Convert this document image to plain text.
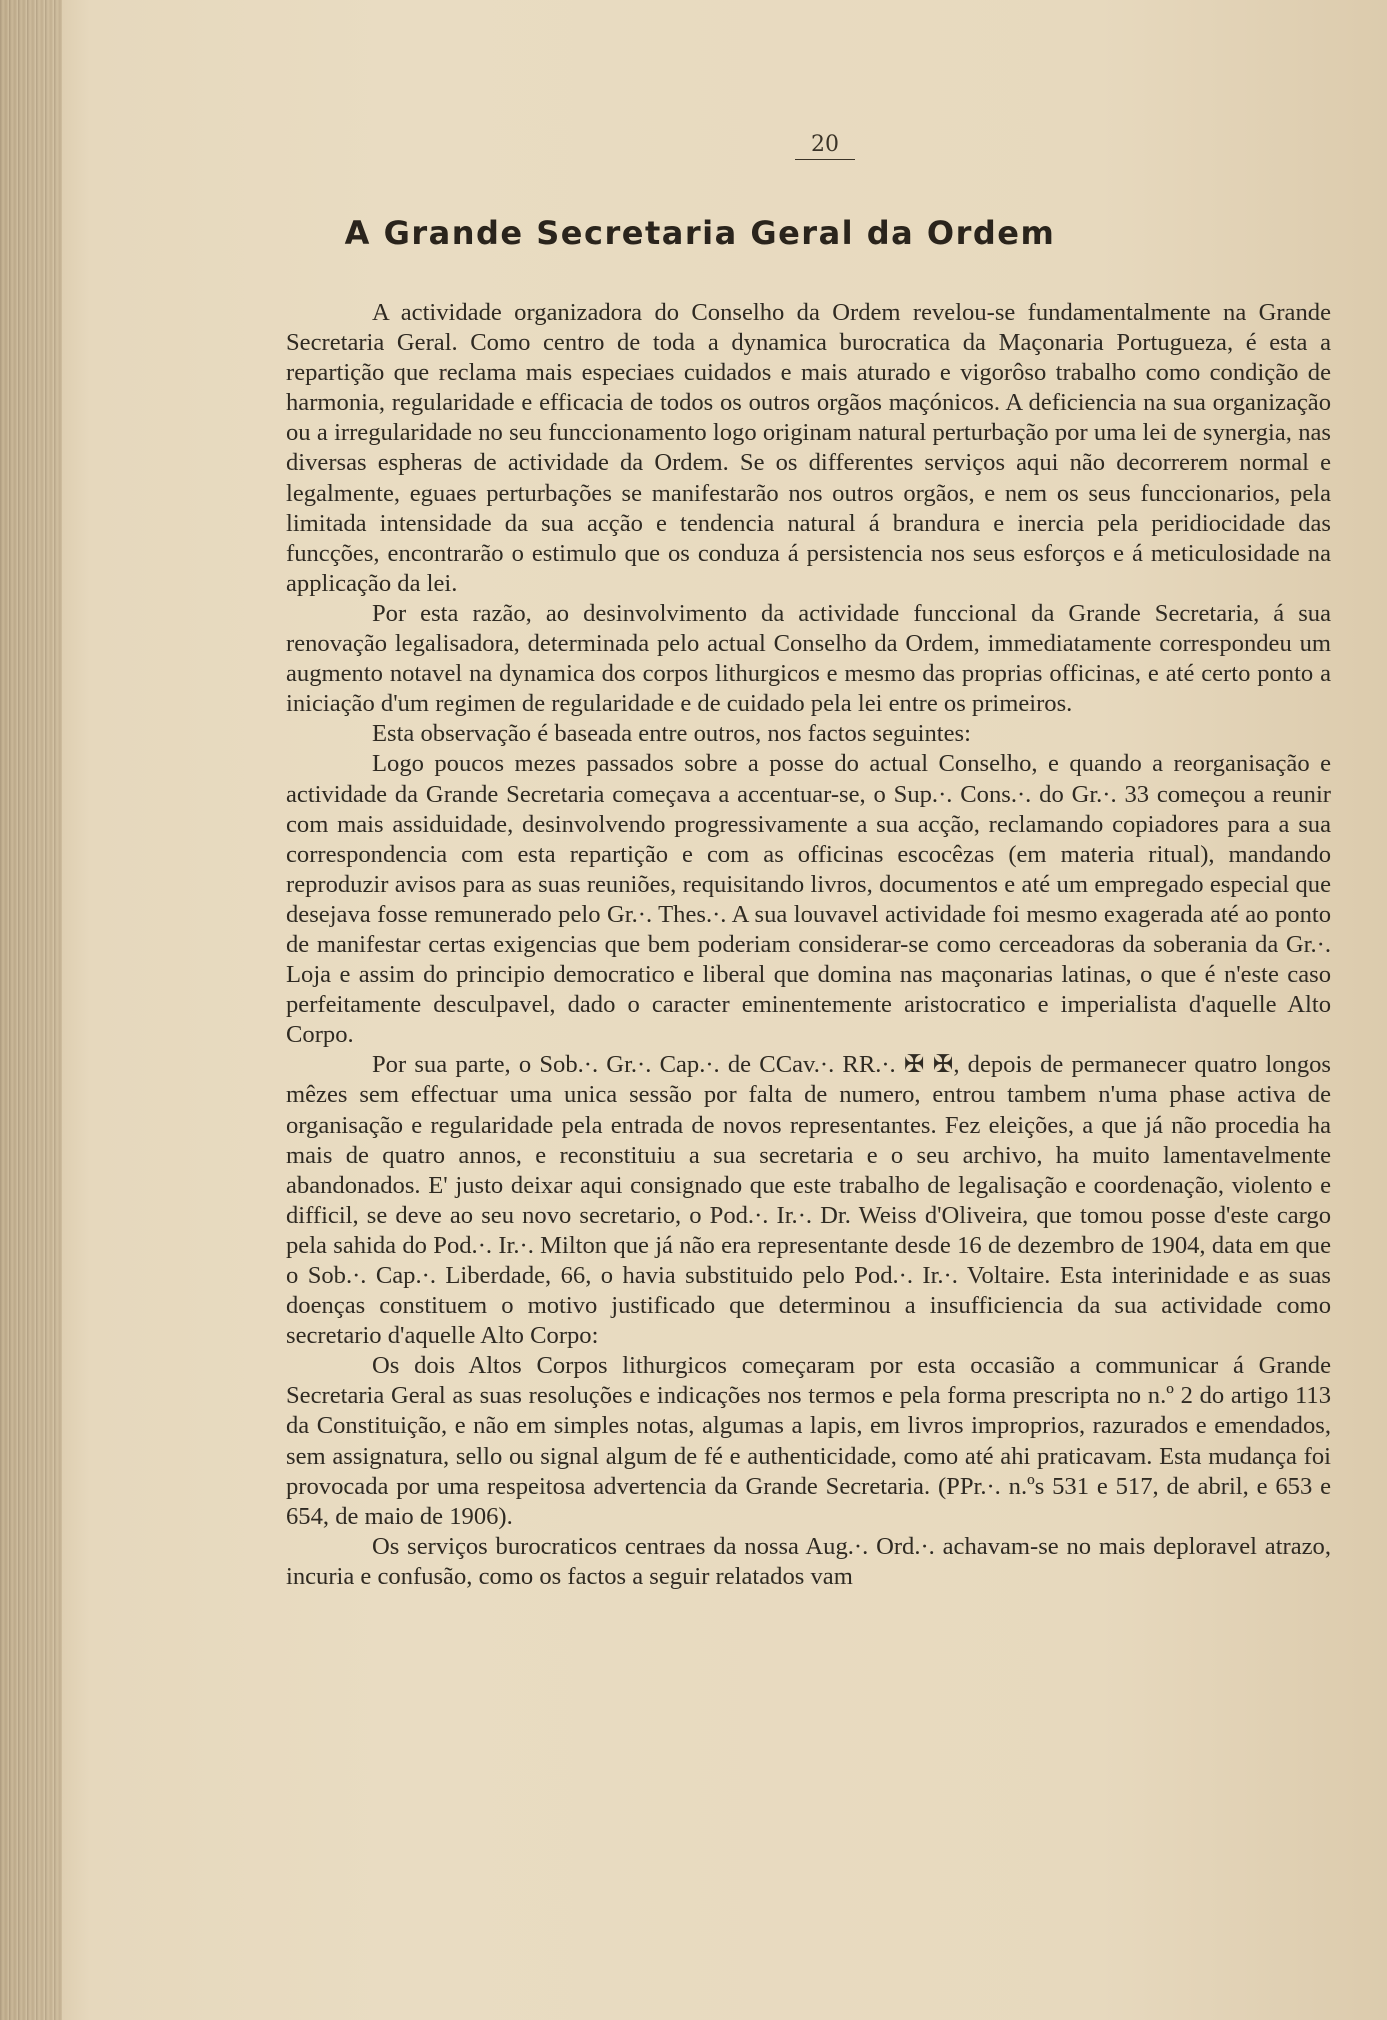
20
A Grande Secretaria Geral da Ordem

A actividade organizadora do Conselho da Ordem revelou-se fundamentalmente na Grande Secretaria Geral. Como centro de toda a dynamica burocratica da Maçonaria Portugueza, é esta a repartição que reclama mais especiaes cuidados e mais aturado e vigorôso trabalho como condição de harmonia, regularidade e efficacia de todos os outros orgãos maçónicos. A deficiencia na sua organização ou a irregularidade no seu funccionamento logo originam natural perturbação por uma lei de synergia, nas diversas espheras de actividade da Ordem. Se os differentes serviços aqui não decorrerem normal e legalmente, eguaes perturbações se manifestarão nos outros orgãos, e nem os seus funccionarios, pela limitada intensidade da sua acção e tendencia natural á brandura e inercia pela peridiocidade das funcções, encontrarão o estimulo que os conduza á persistencia nos seus esforços e á meticulosidade na applicação da lei.

Por esta razão, ao desinvolvimento da actividade funccional da Grande Secretaria, á sua renovação legalisadora, determinada pelo actual Conselho da Ordem, immediatamente correspondeu um augmento notavel na dynamica dos corpos lithurgicos e mesmo das proprias officinas, e até certo ponto a iniciação d'um regimen de regularidade e de cuidado pela lei entre os primeiros.

Esta observação é baseada entre outros, nos factos seguintes:

Logo poucos mezes passados sobre a posse do actual Conselho, e quando a reorganisação e actividade da Grande Secretaria começava a accentuar-se, o Sup.·. Cons.·. do Gr.·. 33 começou a reunir com mais assiduidade, desinvolvendo progressivamente a sua acção, reclamando copiadores para a sua correspondencia com esta repartição e com as officinas escocêzas (em materia ritual), mandando reproduzir avisos para as suas reuniões, requisitando livros, documentos e até um empregado especial que desejava fosse remunerado pelo Gr.·. Thes.·. A sua louvavel actividade foi mesmo exagerada até ao ponto de manifestar certas exigencias que bem poderiam considerar-se como cerceadoras da soberania da Gr.·. Loja e assim do principio democratico e liberal que domina nas maçonarias latinas, o que é n'este caso perfeitamente desculpavel, dado o caracter eminentemente aristocratico e imperialista d'aquelle Alto Corpo.

Por sua parte, o Sob.·. Gr.·. Cap.·. de CCav.·. RR.·. ✠ ✠, depois de permanecer quatro longos mêzes sem effectuar uma unica sessão por falta de numero, entrou tambem n'uma phase activa de organisação e regularidade pela entrada de novos representantes. Fez eleições, a que já não procedia ha mais de quatro annos, e reconstituiu a sua secretaria e o seu archivo, ha muito lamentavelmente abandonados. E' justo deixar aqui consignado que este trabalho de legalisação e coordenação, violento e difficil, se deve ao seu novo secretario, o Pod.·. Ir.·. Dr. Weiss d'Oliveira, que tomou posse d'este cargo pela sahida do Pod.·. Ir.·. Milton que já não era representante desde 16 de dezembro de 1904, data em que o Sob.·. Cap.·. Liberdade, 66, o havia substituido pelo Pod.·. Ir.·. Voltaire. Esta interinidade e as suas doenças constituem o motivo justificado que determinou a insufficiencia da sua actividade como secretario d'aquelle Alto Corpo:

Os dois Altos Corpos lithurgicos começaram por esta occasião a communicar á Grande Secretaria Geral as suas resoluções e indicações nos termos e pela forma prescripta no n.º 2 do artigo 113 da Constituição, e não em simples notas, algumas a lapis, em livros improprios, razurados e emendados, sem assignatura, sello ou signal algum de fé e authenticidade, como até ahi praticavam. Esta mudança foi provocada por uma respeitosa advertencia da Grande Secretaria. (PPr.·. n.ºs 531 e 517, de abril, e 653 e 654, de maio de 1906).

Os serviços burocraticos centraes da nossa Aug.·. Ord.·. achavam-se no mais deploravel atrazo, incuria e confusão, como os factos a seguir relatados vam
